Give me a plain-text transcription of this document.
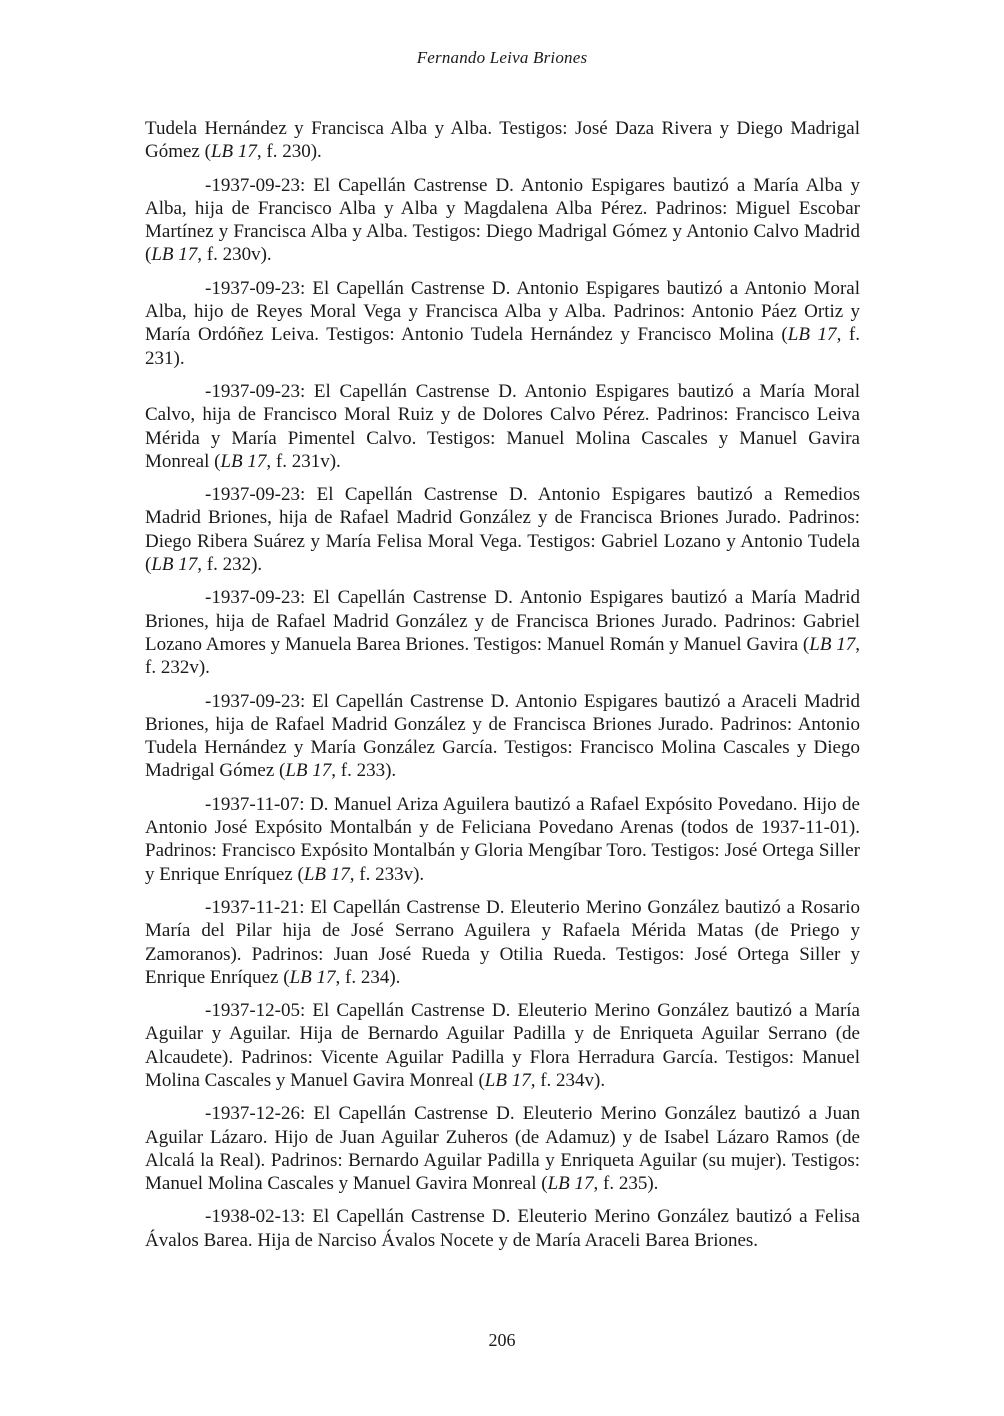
Fernando Leiva Briones

Tudela Hernández y Francisca Alba y Alba. Testigos: José Daza Rivera y Diego Madrigal Gómez (LB 17, f. 230).

-1937-09-23: El Capellán Castrense D. Antonio Espigares bautizó a María Alba y Alba, hija de Francisco Alba y Alba y Magdalena Alba Pérez. Padrinos: Miguel Escobar Martínez y Francisca Alba y Alba. Testigos: Diego Madrigal Gómez y Antonio Calvo Madrid (LB 17, f. 230v).

-1937-09-23: El Capellán Castrense D. Antonio Espigares bautizó a Antonio Moral Alba, hijo de Reyes Moral Vega y Francisca Alba y Alba. Padrinos: Antonio Páez Ortiz y María Ordóñez Leiva. Testigos: Antonio Tudela Hernández y Francisco Molina (LB 17, f. 231).

-1937-09-23: El Capellán Castrense D. Antonio Espigares bautizó a María Moral Calvo, hija de Francisco Moral Ruiz y de Dolores Calvo Pérez. Padrinos: Francisco Leiva Mérida y María Pimentel Calvo. Testigos: Manuel Molina Cascales y Manuel Gavira Monreal (LB 17, f. 231v).

-1937-09-23: El Capellán Castrense D. Antonio Espigares bautizó a Remedios Madrid Briones, hija de Rafael Madrid González y de Francisca Briones Jurado. Padrinos: Diego Ribera Suárez y María Felisa Moral Vega. Testigos: Gabriel Lozano y Antonio Tudela (LB 17, f. 232).

-1937-09-23: El Capellán Castrense D. Antonio Espigares bautizó a María Madrid Briones, hija de Rafael Madrid González y de Francisca Briones Jurado. Padrinos: Gabriel Lozano Amores y Manuela Barea Briones. Testigos: Manuel Román y Manuel Gavira (LB 17, f. 232v).

-1937-09-23: El Capellán Castrense D. Antonio Espigares bautizó a Araceli Madrid Briones, hija de Rafael Madrid González y de Francisca Briones Jurado. Padrinos: Antonio Tudela Hernández y María González García. Testigos: Francisco Molina Cascales y Diego Madrigal Gómez (LB 17, f. 233).

-1937-11-07: D. Manuel Ariza Aguilera bautizó a Rafael Expósito Povedano. Hijo de Antonio José Expósito Montalbán y de Feliciana Povedano Arenas (todos de 1937-11-01). Padrinos: Francisco Expósito Montalbán y Gloria Mengíbar Toro. Testigos: José Ortega Siller y Enrique Enríquez (LB 17, f. 233v).

-1937-11-21: El Capellán Castrense D. Eleuterio Merino González bautizó a Rosario María del Pilar hija de José Serrano Aguilera y Rafaela Mérida Matas (de Priego y Zamoranos). Padrinos: Juan José Rueda y Otilia Rueda. Testigos: José Ortega Siller y Enrique Enríquez (LB 17, f. 234).

-1937-12-05: El Capellán Castrense D. Eleuterio Merino González bautizó a María Aguilar y Aguilar. Hija de Bernardo Aguilar Padilla y de Enriqueta Aguilar Serrano (de Alcaudete). Padrinos: Vicente Aguilar Padilla y Flora Herradura García. Testigos: Manuel Molina Cascales y Manuel Gavira Monreal (LB 17, f. 234v).

-1937-12-26: El Capellán Castrense D. Eleuterio Merino González bautizó a Juan Aguilar Lázaro. Hijo de Juan Aguilar Zuheros (de Adamuz) y de Isabel Lázaro Ramos (de Alcalá la Real). Padrinos: Bernardo Aguilar Padilla y Enriqueta Aguilar (su mujer). Testigos: Manuel Molina Cascales y Manuel Gavira Monreal (LB 17, f. 235).

-1938-02-13: El Capellán Castrense D. Eleuterio Merino González bautizó a Felisa Ávalos Barea. Hija de Narciso Ávalos Nocete y de María Araceli Barea Briones.

206
